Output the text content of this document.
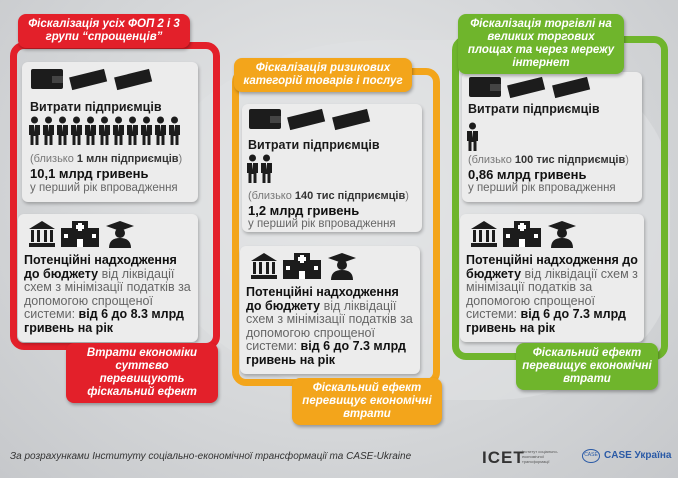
Витрати підприємців
(близько 1 млн підприємців)
10,1 млрд гривень
у перший рік впровадження

Потенційні надходження до бюджету від ліквідації схем з мінімізації податків за допомогою спрощеної системи: від 6 до 8.3 млрд гривень на рік
Фіскалізація усіх ФОП 2 і 3 групи “спрощенців”
Втрати економіки суттєво перевищують фіскальний ефект

Витрати підприємців
(близько 140 тис підприємців)
1,2 млрд гривень
у перший рік впровадження

Потенційні надходження до бюджету від ліквідації схем з мінімізації податків за допомогою спрощеної системи: від 6 до 7.3 млрд гривень на рік
Фіскалізація ризикових категорій товарів і послуг
Фіскальний ефект перевищує економічні втрати

Витрати підприємців
(близько 100 тис підприємців)
0,86 млрд гривень
у перший рік впровадження

Потенційні надходження до бюджету від ліквідації схем з мінімізації податків за допомогою спрощеної системи: від 6 до 7.3 млрд гривень на рік
Фіскалізація торгівлі на великих торгових площах та через мережу інтернет
Фіскальний ефект перевищує економічні втрати
За розрахунками Інституту соціально-економічної трансформації та CASE-Ukraine	ICET
Інститут соціально-економічної трансформації
CASE CASE Україна
